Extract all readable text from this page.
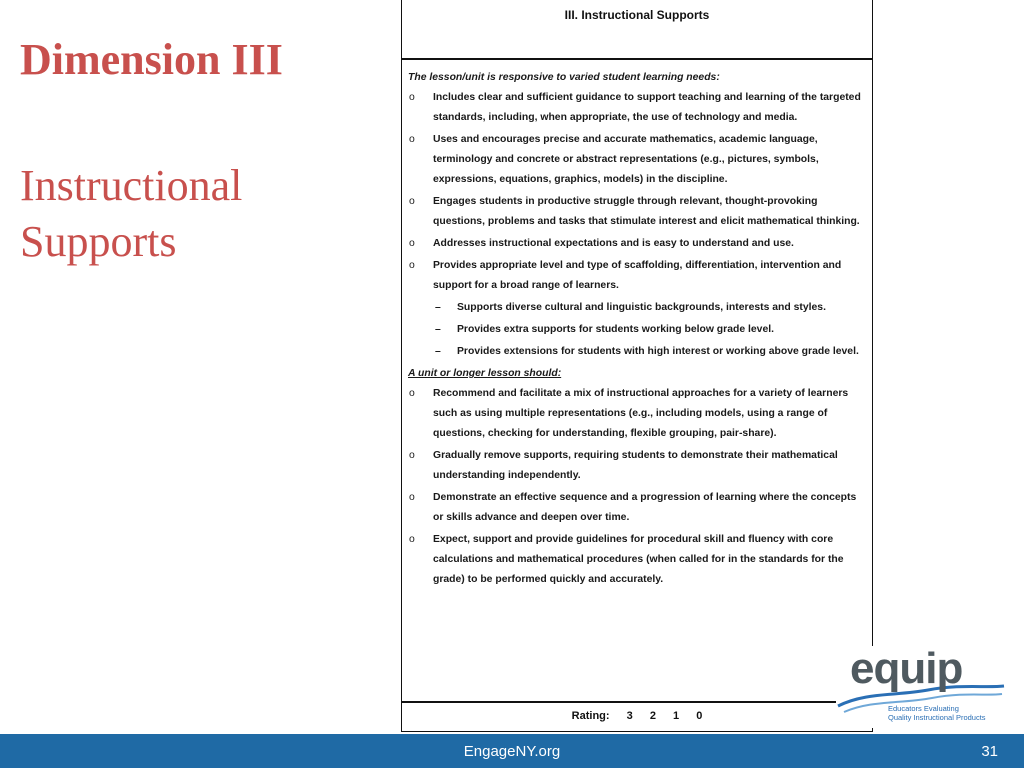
Dimension III

Instructional Supports

III. Instructional Supports
The lesson/unit is responsive to varied student learning needs:
o Includes clear and sufficient guidance to support teaching and learning of the targeted standards, including, when appropriate, the use of technology and media.
o Uses and encourages precise and accurate mathematics, academic language, terminology and concrete or abstract representations (e.g., pictures, symbols, expressions, equations, graphics, models) in the discipline.
o Engages students in productive struggle through relevant, thought-provoking questions, problems and tasks that stimulate interest and elicit mathematical thinking.
o Addresses instructional expectations and is easy to understand and use.
o Provides appropriate level and type of scaffolding, differentiation, intervention and support for a broad range of learners.
– Supports diverse cultural and linguistic backgrounds, interests and styles.
– Provides extra supports for students working below grade level.
– Provides extensions for students with high interest or working above grade level.
A unit or longer lesson should:
o Recommend and facilitate a mix of instructional approaches for a variety of learners such as using multiple representations (e.g., including models, using a range of questions, checking for understanding, flexible grouping, pair-share).
o Gradually remove supports, requiring students to demonstrate their mathematical understanding independently.
o Demonstrate an effective sequence and a progression of learning where the concepts or skills advance and deepen over time.
o Expect, support and provide guidelines for procedural skill and fluency with core calculations and mathematical procedures (when called for in the standards for the grade) to be performed quickly and accurately.
Rating: 3 2 1 0
equip
Educators Evaluating
Quality Instructional Products
EngageNY.org	31
